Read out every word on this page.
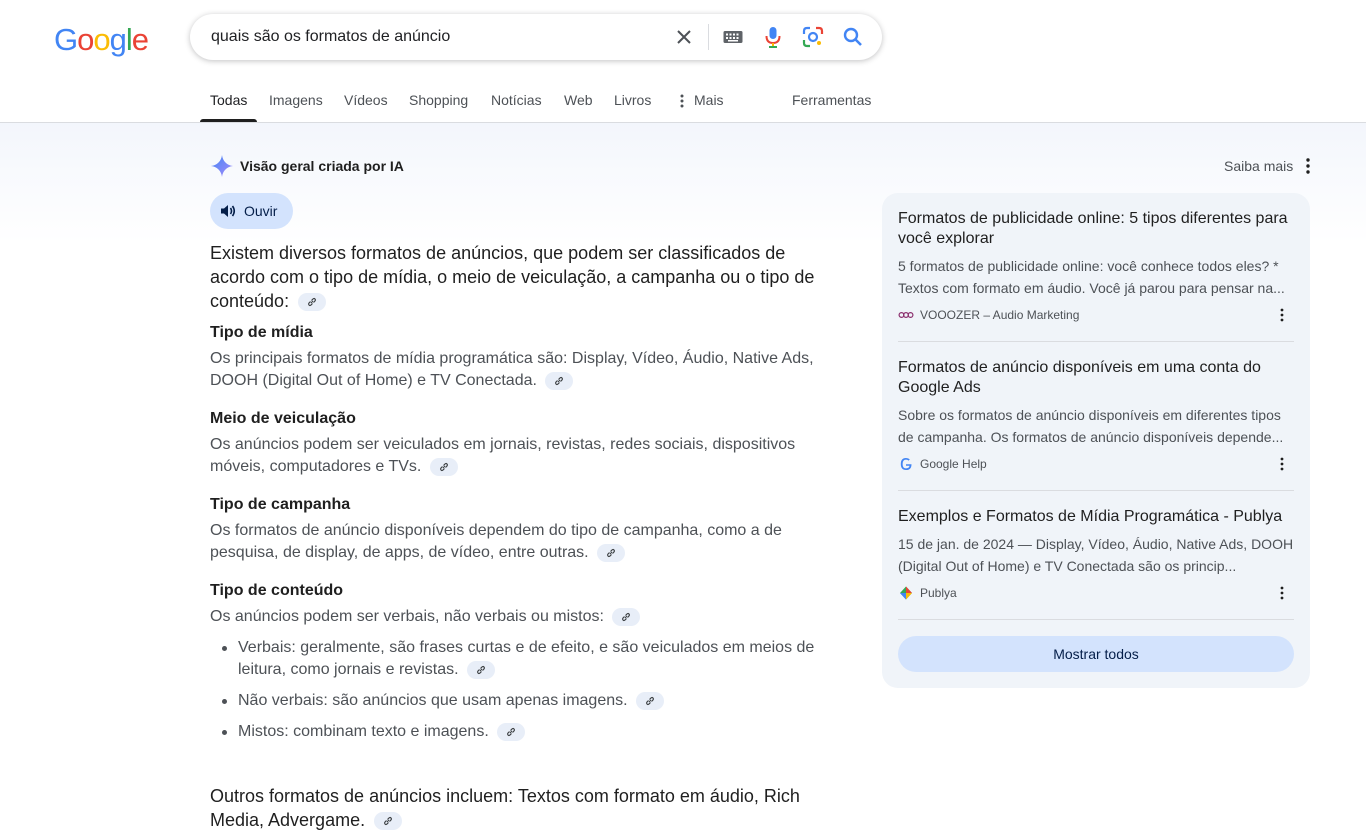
Google	quais são os formatos de anúncio
Todas Imagens Vídeos Shopping Notícias Web Livros	Mais	Ferramentas
Visão geral criada por IA	Saiba mais
Ouvir
Existem diversos formatos de anúncios, que podem ser classificados de acordo com o tipo de mídia, o meio de veiculação, a campanha ou o tipo de conteúdo:
Tipo de mídia
Os principais formatos de mídia programática são: Display, Vídeo, Áudio, Native Ads, DOOH (Digital Out of Home) e TV Conectada.
Meio de veiculação
Os anúncios podem ser veiculados em jornais, revistas, redes sociais, dispositivos móveis, computadores e TVs.
Tipo de campanha
Os formatos de anúncio disponíveis dependem do tipo de campanha, como a de pesquisa, de display, de apps, de vídeo, entre outras.
Tipo de conteúdo
Os anúncios podem ser verbais, não verbais ou mistos:
Verbais: geralmente, são frases curtas e de efeito, e são veiculados em meios de leitura, como jornais e revistas.
Não verbais: são anúncios que usam apenas imagens.
Mistos: combinam texto e imagens.
Outros formatos de anúncios incluem: Textos com formato em áudio, Rich Media, Advergame.
Formatos de publicidade online: 5 tipos diferentes para você explorar
5 formatos de publicidade online: você conhece todos eles? * Textos com formato em áudio. Você já parou para pensar na...
VOOOZER – Audio Marketing
Formatos de anúncio disponíveis em uma conta do Google Ads
Sobre os formatos de anúncio disponíveis em diferentes tipos de campanha. Os formatos de anúncio disponíveis depende...
Google Help
Exemplos e Formatos de Mídia Programática - Publya
15 de jan. de 2024 — Display, Vídeo, Áudio, Native Ads, DOOH (Digital Out of Home) e TV Conectada são os princip...
Publya
Mostrar todos
